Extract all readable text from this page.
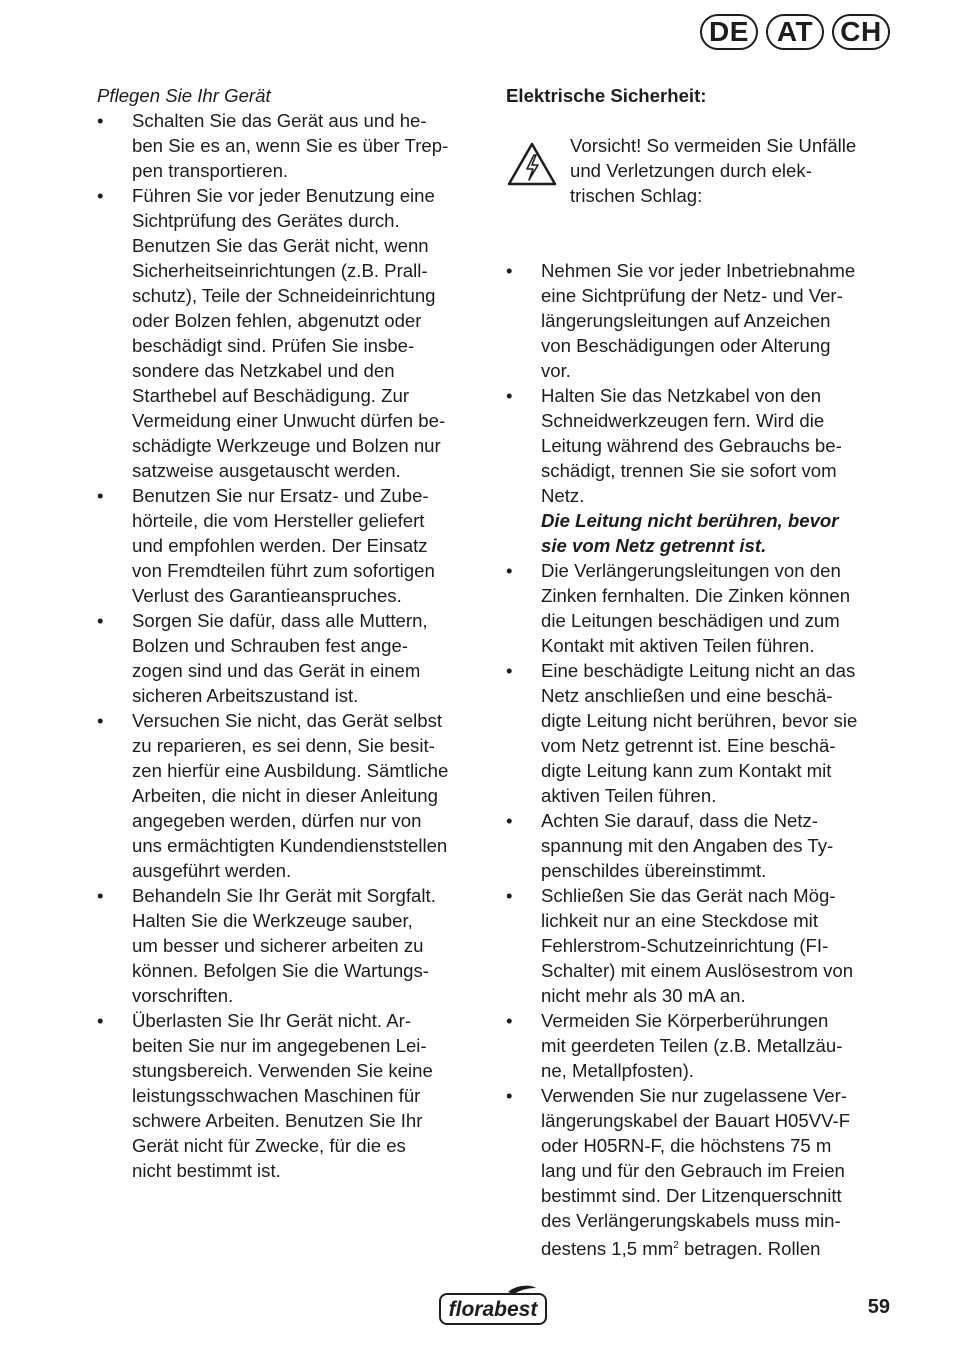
DE AT CH

Pflegen Sie Ihr Gerät

• Schalten Sie das Gerät aus und he-
ben Sie es an, wenn Sie es über Trep-
pen transportieren.
• Führen Sie vor jeder Benutzung eine
Sichtprüfung des Gerätes durch.
Benutzen Sie das Gerät nicht, wenn
Sicherheitseinrichtungen (z.B. Prall-
schutz), Teile der Schneideinrichtung
oder Bolzen fehlen, abgenutzt oder
beschädigt sind. Prüfen Sie insbe-
sondere das Netzkabel und den
Starthebel auf Beschädigung. Zur
Vermeidung einer Unwucht dürfen be-
schädigte Werkzeuge und Bolzen nur
satzweise ausgetauscht werden.
• Benutzen Sie nur Ersatz- und Zube-
hörteile, die vom Hersteller geliefert
und empfohlen werden. Der Einsatz
von Fremdteilen führt zum sofortigen
Verlust des Garantieanspruches.
• Sorgen Sie dafür, dass alle Muttern,
Bolzen und Schrauben fest ange-
zogen sind und das Gerät in einem
sicheren Arbeitszustand ist.
• Versuchen Sie nicht, das Gerät selbst
zu reparieren, es sei denn, Sie besit-
zen hierfür eine Ausbildung. Sämtliche
Arbeiten, die nicht in dieser Anleitung
angegeben werden, dürfen nur von
uns ermächtigten Kundendienststellen
ausgeführt werden.
• Behandeln Sie Ihr Gerät mit Sorgfalt.
Halten Sie die Werkzeuge sauber,
um besser und sicherer arbeiten zu
können. Befolgen Sie die Wartungs-
vorschriften.
• Überlasten Sie Ihr Gerät nicht. Ar-
beiten Sie nur im angegebenen Lei-
stungsbereich. Verwenden Sie keine
leistungsschwachen Maschinen für
schwere Arbeiten. Benutzen Sie Ihr
Gerät nicht für Zwecke, für die es
nicht bestimmt ist.

Elektrische Sicherheit:

Vorsicht! So vermeiden Sie Unfälle
und Verletzungen durch elek-
trischen Schlag:
• Nehmen Sie vor jeder Inbetriebnahme
eine Sichtprüfung der Netz- und Ver-
längerungsleitungen auf Anzeichen
von Beschädigungen oder Alterung
vor.
• Halten Sie das Netzkabel von den
Schneidwerkzeugen fern. Wird die
Leitung während des Gebrauchs be-
schädigt, trennen Sie sie sofort vom
Netz.
Die Leitung nicht berühren, bevor
sie vom Netz getrennt ist.
• Die Verlängerungsleitungen von den
Zinken fernhalten. Die Zinken können
die Leitungen beschädigen und zum
Kontakt mit aktiven Teilen führen.
• Eine beschädigte Leitung nicht an das
Netz anschließen und eine beschä-
digte Leitung nicht berühren, bevor sie
vom Netz getrennt ist. Eine beschä-
digte Leitung kann zum Kontakt mit
aktiven Teilen führen.
• Achten Sie darauf, dass die Netz-
spannung mit den Angaben des Ty-
penschildes übereinstimmt.
• Schließen Sie das Gerät nach Mög-
lichkeit nur an eine Steckdose mit
Fehlerstrom-Schutzeinrichtung (FI-
Schalter) mit einem Auslösestrom von
nicht mehr als 30 mA an.
• Vermeiden Sie Körperberührungen
mit geerdeten Teilen (z.B. Metallzäu-
ne, Metallpfosten).
• Verwenden Sie nur zugelassene Ver-
längerungskabel der Bauart H05VV-F
oder H05RN-F, die höchstens 75 m
lang und für den Gebrauch im Freien
bestimmt sind. Der Litzenquerschnitt
des Verlängerungskabels muss min-
destens 1,5 $mm^2$ betragen. Rollen
florabest	59
